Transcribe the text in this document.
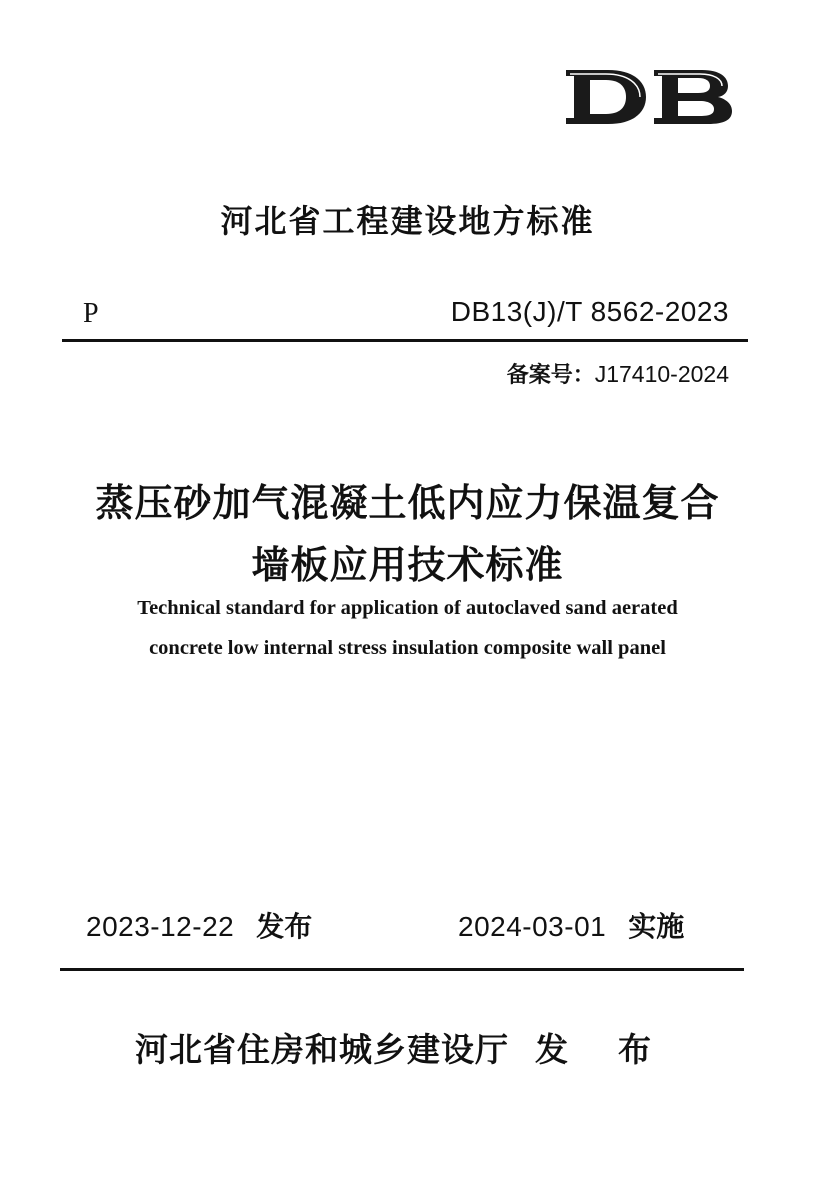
河北省工程建设地方标准
P	DB13(J)/T 8562-2023
备案号：J17410-2024
蒸压砂加气混凝土低内应力保温复合
墙板应用技术标准
Technical standard for application of autoclaved sand aerated
concrete low internal stress insulation composite wall panel
2023-12-22 发布	2024-03-01 实施
河北省住房和城乡建设厅 发布
